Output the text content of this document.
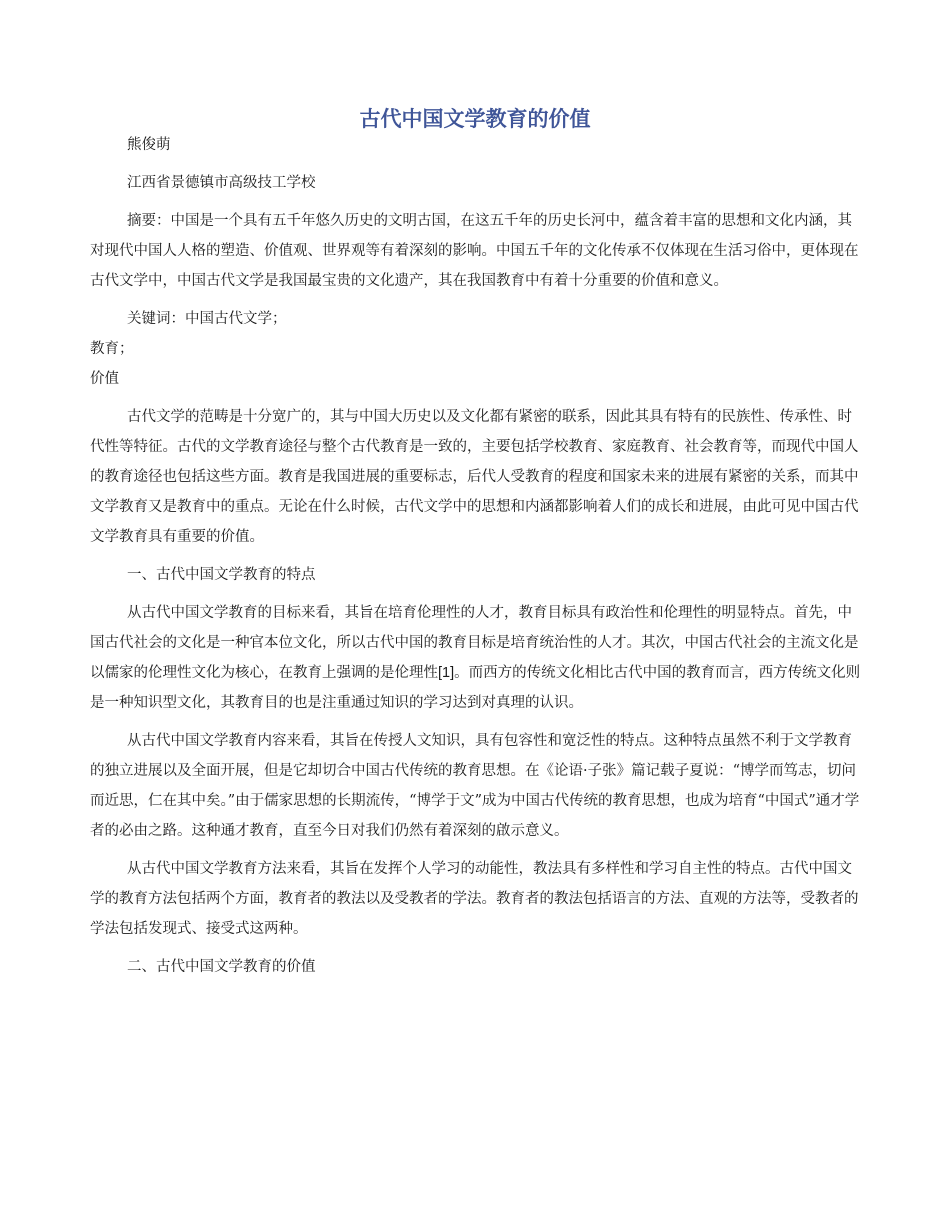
古代中国文学教育的价值

熊俊萌

江西省景德镇市高级技工学校

摘要：中国是一个具有五千年悠久历史的文明古国，在这五千年的历史长河中，蕴含着丰富的思想和文化内涵，其对现代中国人人格的塑造、价值观、世界观等有着深刻的影响。中国五千年的文化传承不仅体现在生活习俗中，更体现在古代文学中，中国古代文学是我国最宝贵的文化遗产，其在我国教育中有着十分重要的价值和意义。

关键词：中国古代文学；

教育；

价值

古代文学的范畴是十分宽广的，其与中国大历史以及文化都有紧密的联系，因此其具有特有的民族性、传承性、时代性等特征。古代的文学教育途径与整个古代教育是一致的，主要包括学校教育、家庭教育、社会教育等，而现代中国人的教育途径也包括这些方面。教育是我国进展的重要标志，后代人受教育的程度和国家未来的进展有紧密的关系，而其中文学教育又是教育中的重点。无论在什么时候，古代文学中的思想和内涵都影响着人们的成长和进展，由此可见中国古代文学教育具有重要的价值。

一、古代中国文学教育的特点

从古代中国文学教育的目标来看，其旨在培育伦理性的人才，教育目标具有政治性和伦理性的明显特点。首先，中国古代社会的文化是一种官本位文化，所以古代中国的教育目标是培育统治性的人才。其次，中国古代社会的主流文化是以儒家的伦理性文化为核心，在教育上强调的是伦理性[1]。而西方的传统文化相比古代中国的教育而言，西方传统文化则是一种知识型文化，其教育目的也是注重通过知识的学习达到对真理的认识。

从古代中国文学教育内容来看，其旨在传授人文知识，具有包容性和宽泛性的特点。这种特点虽然不利于文学教育的独立进展以及全面开展，但是它却切合中国古代传统的教育思想。在《论语·子张》篇记载子夏说：“博学而笃志，切问而近思，仁在其中矣。”由于儒家思想的长期流传，“博学于文”成为中国古代传统的教育思想，也成为培育“中国式”通才学者的必由之路。这种通才教育，直至今日对我们仍然有着深刻的啟示意义。

从古代中国文学教育方法来看，其旨在发挥个人学习的动能性，教法具有多样性和学习自主性的特点。古代中国文学的教育方法包括两个方面，教育者的教法以及受教者的学法。教育者的教法包括语言的方法、直观的方法等，受教者的学法包括发现式、接受式这两种。

二、古代中国文学教育的价值
